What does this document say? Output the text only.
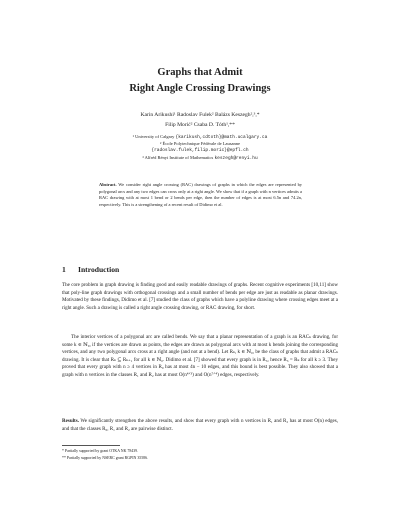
Graphs that Admit
Right Angle Crossing Drawings
Karin Arikushi¹ Radoslav Fulek² Balázs Keszegh²,³,*
Filip Morić² Csaba D. Tóth¹,**
¹ University of Calgary {karikush,cdtoth}@math.ucalgary.ca
² École Polytechnique Fédérale de Lausanne
{radoslav.fulek,filip.moric}@epfl.ch
³ Alfréd Rényi Institute of Mathematics keszegh@renyi.hu
Abstract. We consider right angle crossing (RAC) drawings of graphs in which the edges are represented by polygonal arcs and any two edges can cross only at a right angle. We show that if a graph with n vertices admits a RAC drawing with at most 1 bend or 2 bends per edge, then the number of edges is at most 6.5n and 74.2n, respectively. This is a strengthening of a recent result of Didimo et al.
1 Introduction
The core problem in graph drawing is finding good and easily readable drawings of graphs. Recent cognitive experiments [10,11] show that poly-line graph drawings with orthogonal crossings and a small number of bends per edge are just as readable as planar drawings. Motivated by these findings, Didimo et al. [7] studied the class of graphs which have a polyline drawing where crossing edges meet at a right angle. Such a drawing is called a right angle crossing drawing, or RAC drawing, for short.
The interior vertices of a polygonal arc are called bends. We say that a planar representation of a graph is an RACₖ drawing, for some k ∈ ℕ₀, if the vertices are drawn as points, the edges are drawn as polygonal arcs with at most k bends joining the corresponding vertices, and any two polygonal arcs cross at a right angle (and not at a bend). Let Rₖ, k ∈ ℕ₀, be the class of graphs that admit a RACₖ drawing. It is clear that Rₖ ⊆ Rₖ₊₁ for all k ∈ ℕ₀. Didimo et al. [7] showed that every graph is in R₃, hence R₃ = Rₖ for all k ≥ 3. They proved that every graph with n ≥ 4 vertices in R₀ has at most 4n − 10 edges, and this bound is best possible. They also showed that a graph with n vertices in the classes R₁ and R₂ has at most O(n⁴ᐟ³) and O(n⁷ᐟ⁴) edges, respectively.
Results. We significantly strengthen the above results, and show that every graph with n vertices in R₁ and R₂ has at most O(n) edges, and that the classes R₀, R₁ and R₂ are pairwise distinct.
* Partially supported by grant OTKA NK 78439.
** Partially supported by NSERC grant RGPIN 35586.
